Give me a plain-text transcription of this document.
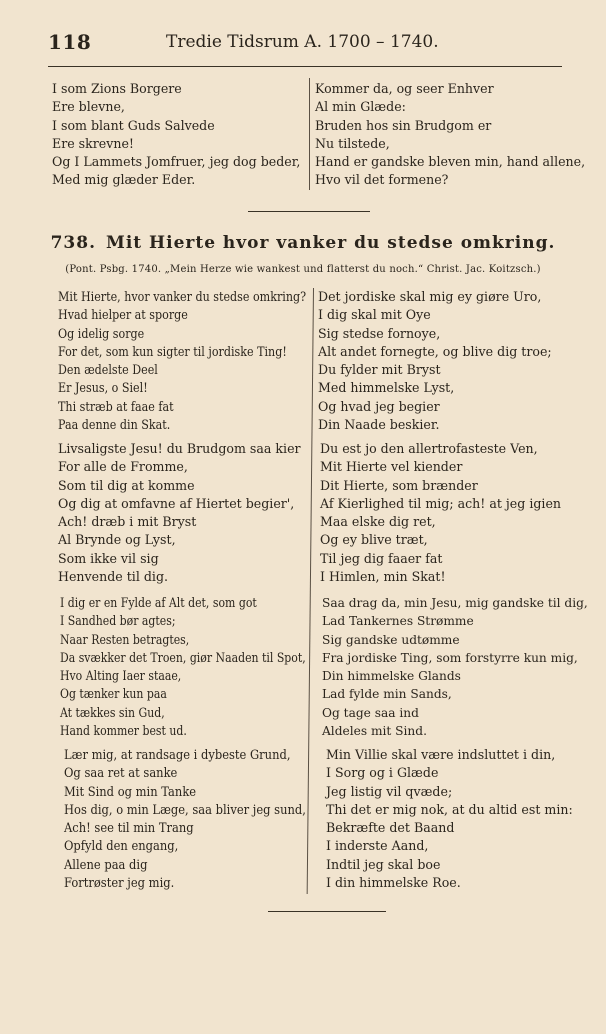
118	Tredie Tidsrum A. 1700 – 1740.
I som Zions Borgere
Ere blevne,
I som blant Guds Salvede
Ere skrevne!
Og I Lammets Jomfruer, jeg dog beder,
Med mig glæder Eder.
Kommer da, og seer Enhver
Al min Glæde:
Bruden hos sin Brudgom er
Nu tilstede,
Hand er gandske bleven min, hand allene,
Hvo vil det formene?
738. Mit Hierte hvor vanker du stedse omkring.
(Pont. Psbg. 1740. „Mein Herze wie wankest und flatterst du noch.“ Christ. Jac. Koitzsch.)
Mit Hierte, hvor vanker du stedse omkring?
Hvad hielper at sporge
Og idelig sorge
For det, som kun sigter til jordiske Ting!
Den ædelste Deel
Er Jesus, o Siel!
Thi stræb at faae fat
Paa denne din Skat.
Det jordiske skal mig ey giøre Uro,
I dig skal mit Oye
Sig stedse fornoye,
Alt andet fornegte, og blive dig troe;
Du fylder mit Bryst
Med himmelske Lyst,
Og hvad jeg begier
Din Naade beskier.
Livsaligste Jesu! du Brudgom saa kier
For alle de Fromme,
Som til dig at komme
Og dig at omfavne af Hiertet begier',
Ach! dræb i mit Bryst
Al Brynde og Lyst,
Som ikke vil sig
Henvende til dig.
Du est jo den allertrofasteste Ven,
Mit Hierte vel kiender
Dit Hierte, som brænder
Af Kierlighed til mig; ach! at jeg igien
Maa elske dig ret,
Og ey blive træt,
Til jeg dig faaer fat
I Himlen, min Skat!
I dig er en Fylde af Alt det, som got
I Sandhed bør agtes;
Naar Resten betragtes,
Da svækker det Troen, giør Naaden til Spot,
Hvo Alting Iaer staae,
Og tænker kun paa
At tækkes sin Gud,
Hand kommer best ud.
Saa drag da, min Jesu, mig gandske til dig,
Lad Tankernes Strømme
Sig gandske udtømme
Fra jordiske Ting, som forstyrre kun mig,
Din himmelske Glands
Lad fylde min Sands,
Og tage saa ind
Aldeles mit Sind.
Lær mig, at randsage i dybeste Grund,
Og saa ret at sanke
Mit Sind og min Tanke
Hos dig, o min Læge, saa bliver jeg sund,
Ach! see til min Trang
Opfyld den engang,
Allene paa dig
Fortrøster jeg mig.
Min Villie skal være indsluttet i din,
I Sorg og i Glæde
Jeg listig vil qvæde;
Thi det er mig nok, at du altid est min:
Bekræfte det Baand
I inderste Aand,
Indtil jeg skal boe
I din himmelske Roe.
